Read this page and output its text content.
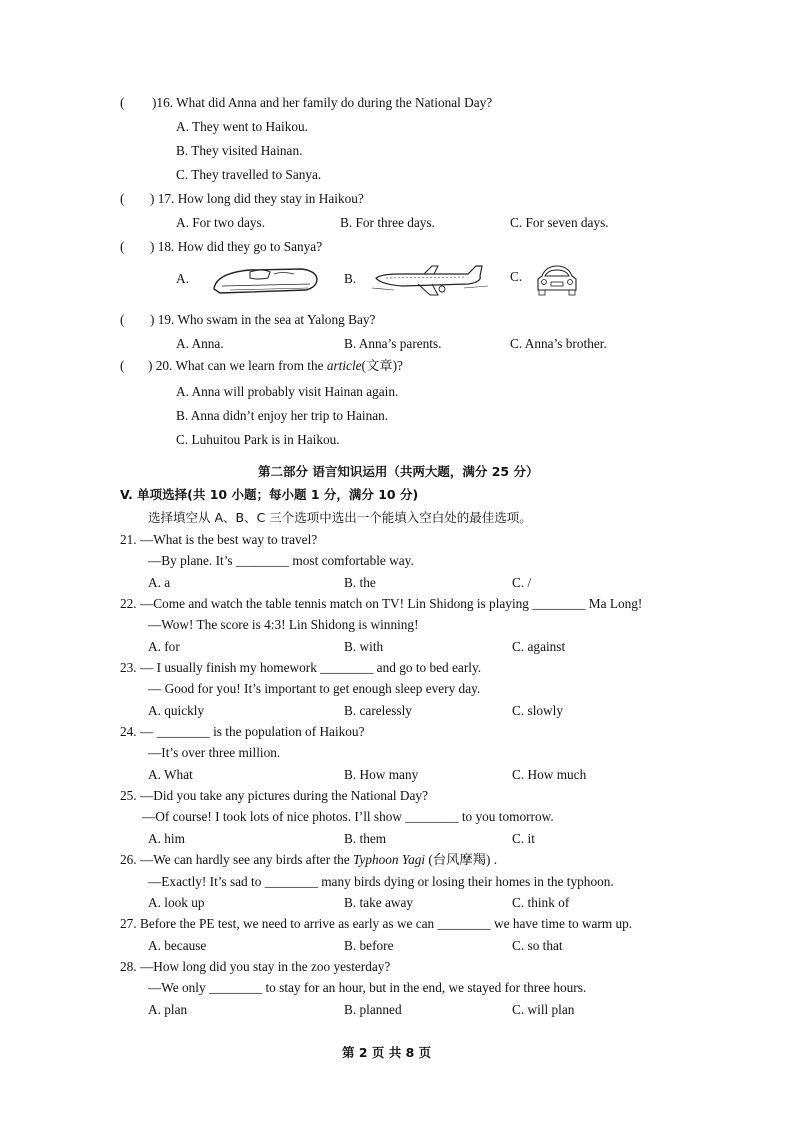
( )16. What did Anna and her family do during the National Day?
A. They went to Haikou.
B. They visited Hainan.
C. They travelled to Sanya.
( ) 17. How long did they stay in Haikou?
A. For two days.	B. For three days.	C. For seven days.
( ) 18. How did they go to Sanya?
A.	B.	C.
( ) 19. Who swam in the sea at Yalong Bay?
A. Anna.	B. Anna’s parents.	C. Anna’s brother.
( ) 20. What can we learn from the article(文章)?
A. Anna will probably visit Hainan again.
B. Anna didn’t enjoy her trip to Hainan.
C. Luhuitou Park is in Haikou.
第二部分 语言知识运用（共两大题，满分 25 分）
V. 单项选择(共 10 小题；每小题 1 分，满分 10 分)
选择填空从 A、B、C 三个选项中选出一个能填入空白处的最佳选项。
21. —What is the best way to travel?
—By plane. It’s ________ most comfortable way.
A. a	B. the	C. /
22. —Come and watch the table tennis match on TV! Lin Shidong is playing ________ Ma Long!
—Wow! The score is 4:3! Lin Shidong is winning!
A. for	B. with	C. against
23. — I usually finish my homework ________ and go to bed early.
— Good for you! It’s important to get enough sleep every day.
A. quickly	B. carelessly	C. slowly
24. — ________ is the population of Haikou?
—It’s over three million.
A. What	B. How many	C. How much
25. —Did you take any pictures during the National Day?
—Of course! I took lots of nice photos. I’ll show ________ to you tomorrow.
A. him	B. them	C. it
26. —We can hardly see any birds after the Typhoon Yagi (台风摩羯) .
—Exactly! It’s sad to ________ many birds dying or losing their homes in the typhoon.
A. look up	B. take away	C. think of
27. Before the PE test, we need to arrive as early as we can ________ we have time to warm up.
A. because	B. before	C. so that
28. —How long did you stay in the zoo yesterday?
—We only ________ to stay for an hour, but in the end, we stayed for three hours.
A. plan	B. planned	C. will plan
第 2 页 共 8 页
